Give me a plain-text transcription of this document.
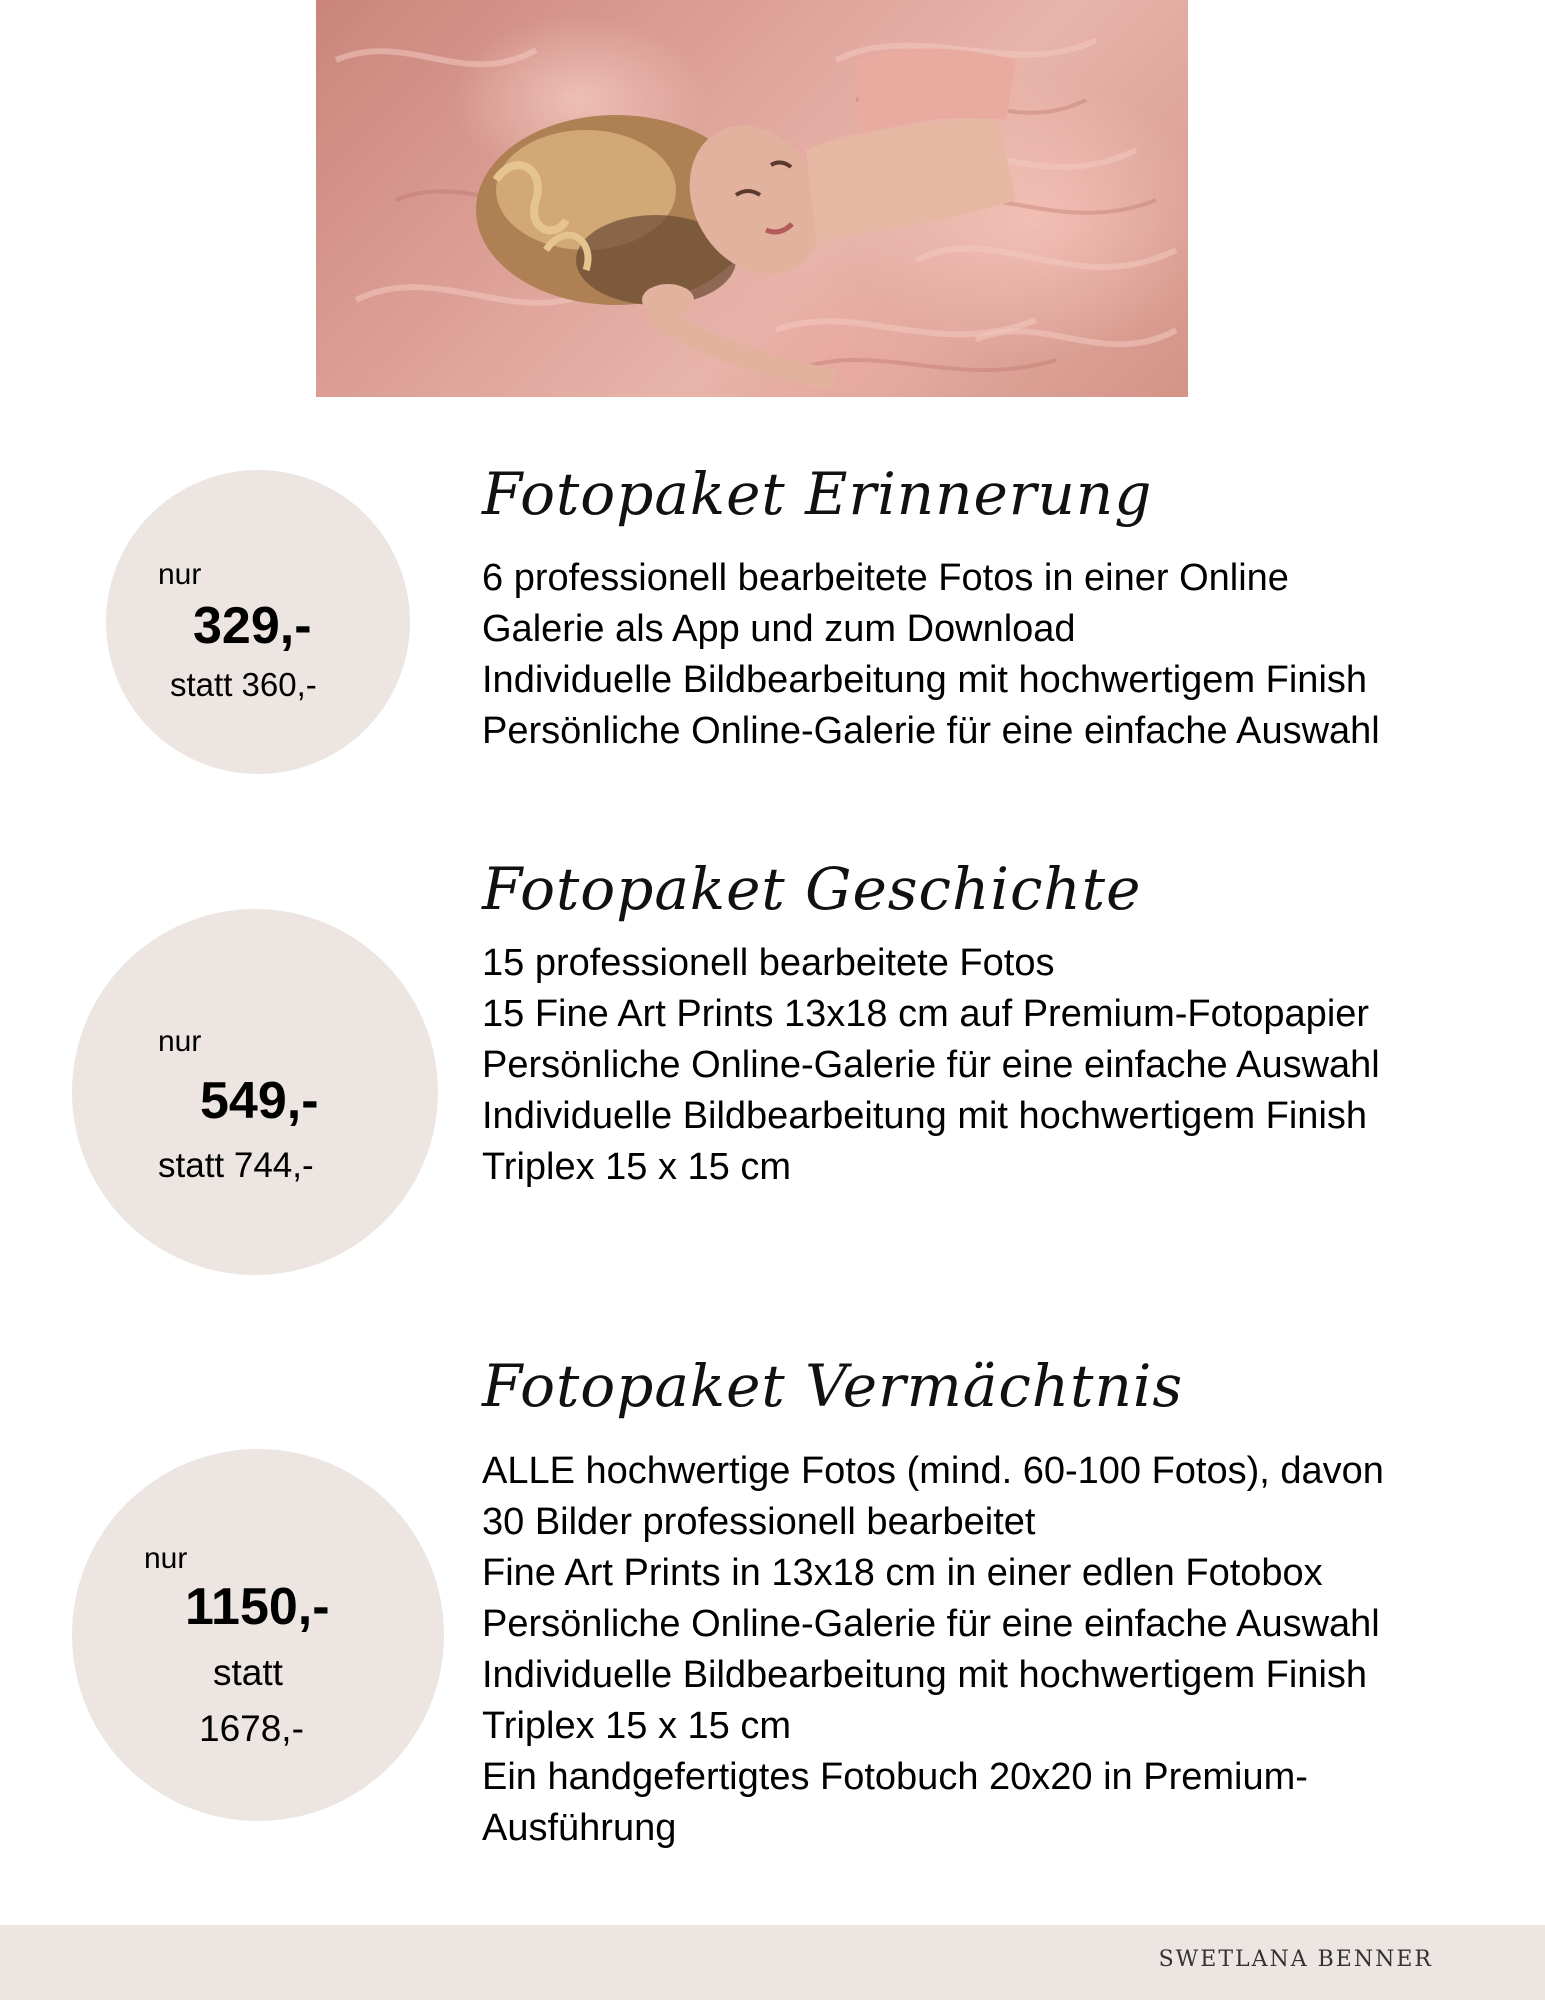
nur
329,-
statt 360,-
Fotopaket Erinnerung
6 professionell bearbeitete Fotos in einer Online
Galerie als App und zum Download
Individuelle Bildbearbeitung mit hochwertigem Finish
Persönliche Online-Galerie für eine einfache Auswahl
nur
549,-
statt 744,-
Fotopaket Geschichte
15 professionell bearbeitete Fotos
15 Fine Art Prints 13x18 cm auf Premium-Fotopapier
Persönliche Online-Galerie für eine einfache Auswahl
Individuelle Bildbearbeitung mit hochwertigem Finish
Triplex 15 x 15 cm
nur
1150,-
statt
1678,-
Fotopaket Vermächtnis
ALLE hochwertige Fotos (mind. 60-100 Fotos), davon
30 Bilder professionell bearbeitet
Fine Art Prints in 13x18 cm in einer edlen Fotobox
Persönliche Online-Galerie für eine einfache Auswahl
Individuelle Bildbearbeitung mit hochwertigem Finish
Triplex 15 x 15 cm
Ein handgefertigtes Fotobuch 20x20 in Premium-
Ausführung
SWETLANA BENNER
